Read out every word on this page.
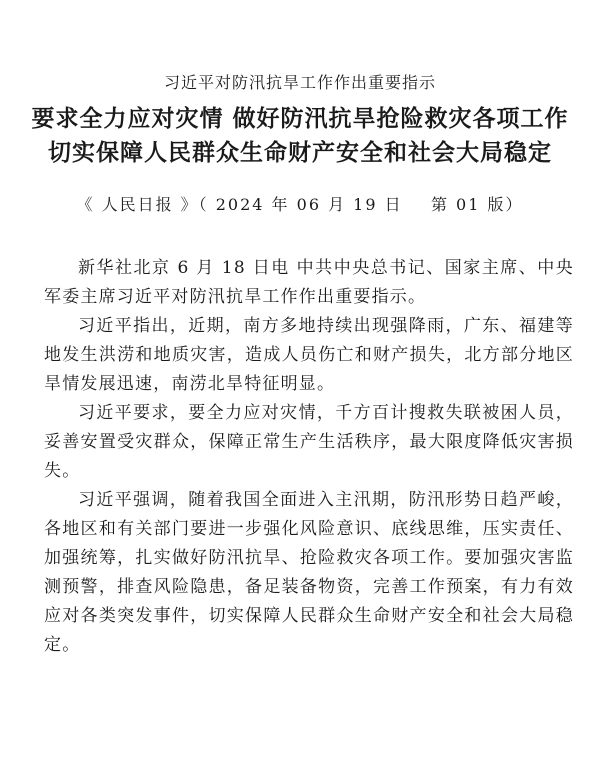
习近平对防汛抗旱工作作出重要指示
要求全力应对灾情 做好防汛抗旱抢险救灾各项工作
切实保障人民群众生命财产安全和社会大局稳定
《 人民日报 》（ 2024 年 06 月 19 日    第 01 版）

新华社北京 6 月 18 日电 中共中央总书记、国家主席、中央军委主席习近平对防汛抗旱工作作出重要指示。

习近平指出，近期，南方多地持续出现强降雨，广东、福建等地发生洪涝和地质灾害，造成人员伤亡和财产损失，北方部分地区旱情发展迅速，南涝北旱特征明显。

习近平要求，要全力应对灾情，千方百计搜救失联被困人员，妥善安置受灾群众，保障正常生产生活秩序，最大限度降低灾害损失。

习近平强调，随着我国全面进入主汛期，防汛形势日趋严峻，各地区和有关部门要进一步强化风险意识、底线思维，压实责任、加强统筹，扎实做好防汛抗旱、抢险救灾各项工作。要加强灾害监测预警，排查风险隐患，备足装备物资，完善工作预案，有力有效应对各类突发事件，切实保障人民群众生命财产安全和社会大局稳定。
